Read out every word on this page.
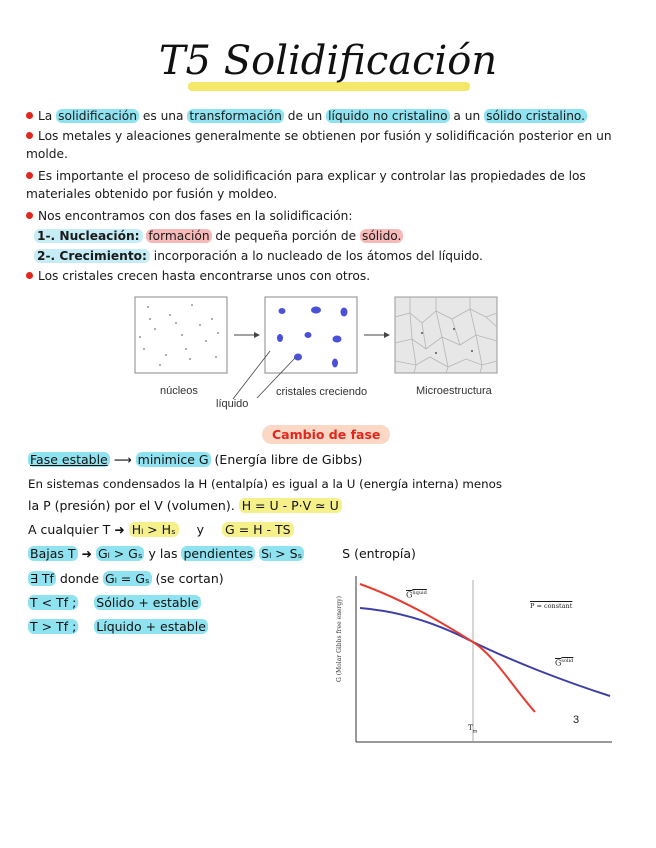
T5 Solidificación
La solidificación es una transformación de un líquido no cristalino a un sólido cristalino.
Los metales y aleaciones generalmente se obtienen por fusión y solidificación posterior en un molde.
Es importante el proceso de solidificación para explicar y controlar las propiedades de los materiales obtenido por fusión y moldeo.
Nos encontramos con dos fases en la solidificación:
1-. Nucleación: formación de pequeña porción de sólido.
2-. Crecimiento: incorporación a lo nucleado de los átomos del líquido.
Los cristales crecen hasta encontrarse unos con otros.
núcleos
líquido
cristales creciendo	Microestructura
Cambio de fase
Fase estable ⟶ minimice G (Energía libre de Gibbs)
En sistemas condensados la H (entalpía) es igual a la U (energía interna) menos
la P (presión) por el V (volumen). H = U - P·V ≃ U
A cualquier T ➜ Hₗ > Hₛ y G = H - TS
Bajas T ➜ Gₗ > Gₛ y las pendientes Sₗ > Sₛ	S (entropía)
∃ Tf donde Gₗ = Gₛ (se cortan)
T < Tf ; Sólido + estable
T > Tf ; Líquido + estable	G (Molar Gibbs free energy)
$G^{liquid}$
P = constant
$G^{solid}$
$T_m$
3
